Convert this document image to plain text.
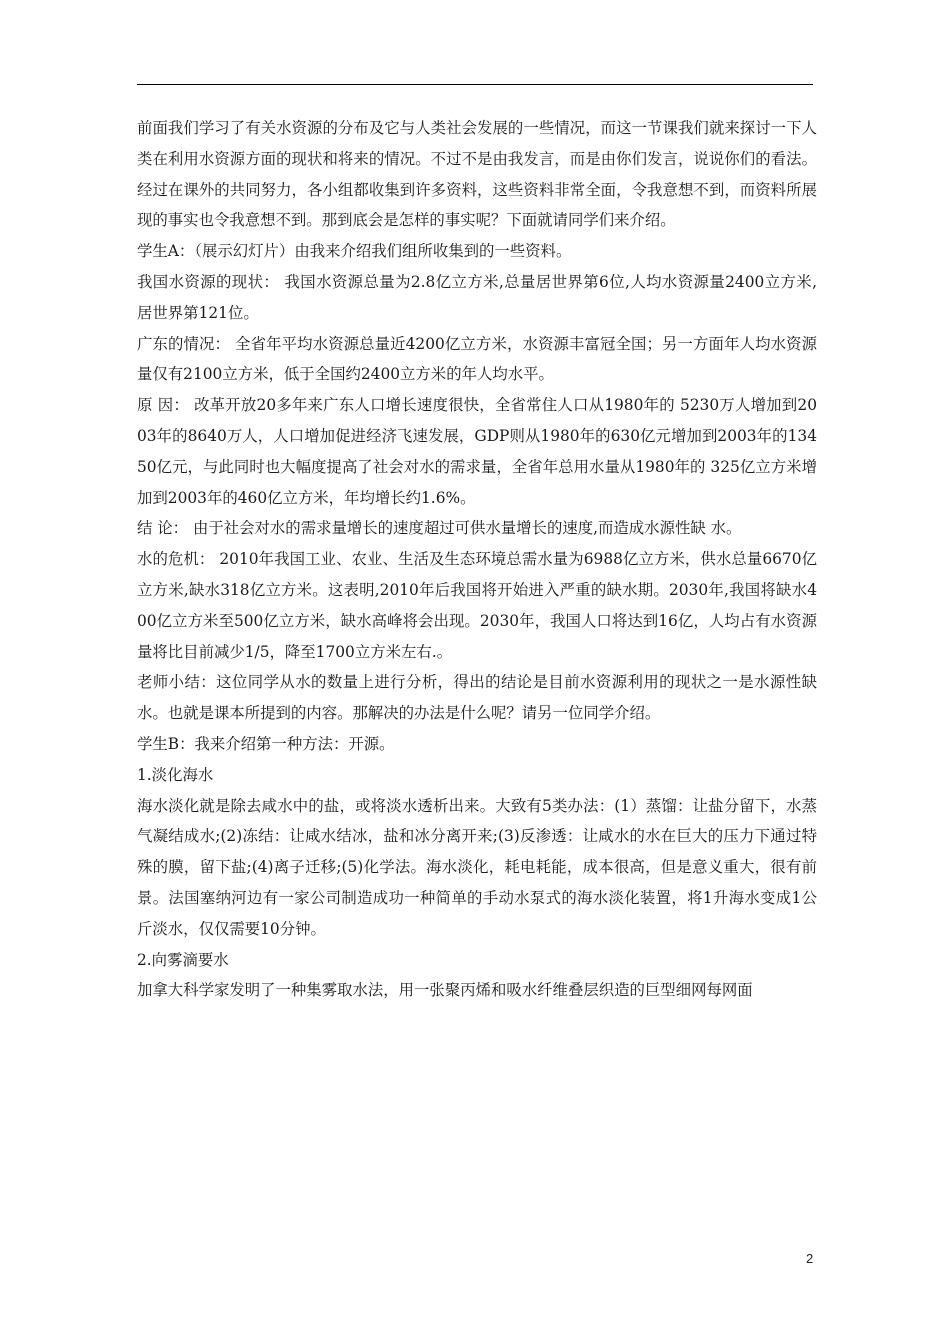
前面我们学习了有关水资源的分布及它与人类社会发展的一些情况，而这一节课我们就来探讨一下人类在利用水资源方面的现状和将来的情况。不过不是由我发言，而是由你们发言，说说你们的看法。经过在课外的共同努力，各小组都收集到许多资料，这些资料非常全面，令我意想不到，而资料所展现的事实也令我意想不到。那到底会是怎样的事实呢？下面就请同学们来介绍。

学生A：（展示幻灯片）由我来介绍我们组所收集到的一些资料。

我国水资源的现状： 我国水资源总量为2.8亿立方米,总量居世界第6位,人均水资源量2400立方米, 居世界第121位。

广东的情况： 全省年平均水资源总量近4200亿立方米，水资源丰富冠全国；另一方面年人均水资源量仅有2100立方米，低于全国约2400立方米的年人均水平。

原 因： 改革开放20多年来广东人口增长速度很快，全省常住人口从1980年的 5230万人增加到2003年的8640万人，人口增加促进经济飞速发展，GDP则从1980年的630亿元增加到2003年的13450亿元，与此同时也大幅度提高了社会对水的需求量，全省年总用水量从1980年的 325亿立方米增加到2003年的460亿立方米，年均增长约1.6%。

结 论： 由于社会对水的需求量增长的速度超过可供水量增长的速度,而造成水源性缺 水。

水的危机： 2010年我国工业、农业、生活及生态环境总需水量为6988亿立方米，供水总量6670亿立方米,缺水318亿立方米。这表明,2010年后我国将开始进入严重的缺水期。2030年,我国将缺水400亿立方米至500亿立方米，缺水高峰将会出现。2030年，我国人口将达到16亿，人均占有水资源量将比目前减少1/5，降至1700立方米左右.。

老师小结：这位同学从水的数量上进行分析，得出的结论是目前水资源利用的现状之一是水源性缺水。也就是课本所提到的内容。那解决的办法是什么呢？请另一位同学介绍。

学生B：我来介绍第一种方法：开源。

1.淡化海水

海水淡化就是除去咸水中的盐，或将淡水透析出来。大致有5类办法：(1）蒸馏：让盐分留下，水蒸气凝结成水;(2)冻结：让咸水结冰，盐和冰分离开来;(3)反渗透：让咸水的水在巨大的压力下通过特殊的膜，留下盐;(4)离子迁移;(5)化学法。海水淡化，耗电耗能，成本很高，但是意义重大，很有前景。法国塞纳河边有一家公司制造成功一种简单的手动水泵式的海水淡化装置，将1升海水变成1公斤淡水，仅仅需要10分钟。

2.向雾滴要水

加拿大科学家发明了一种集雾取水法，用一张聚丙烯和吸水纤维叠层织造的巨型细网每网面

2
